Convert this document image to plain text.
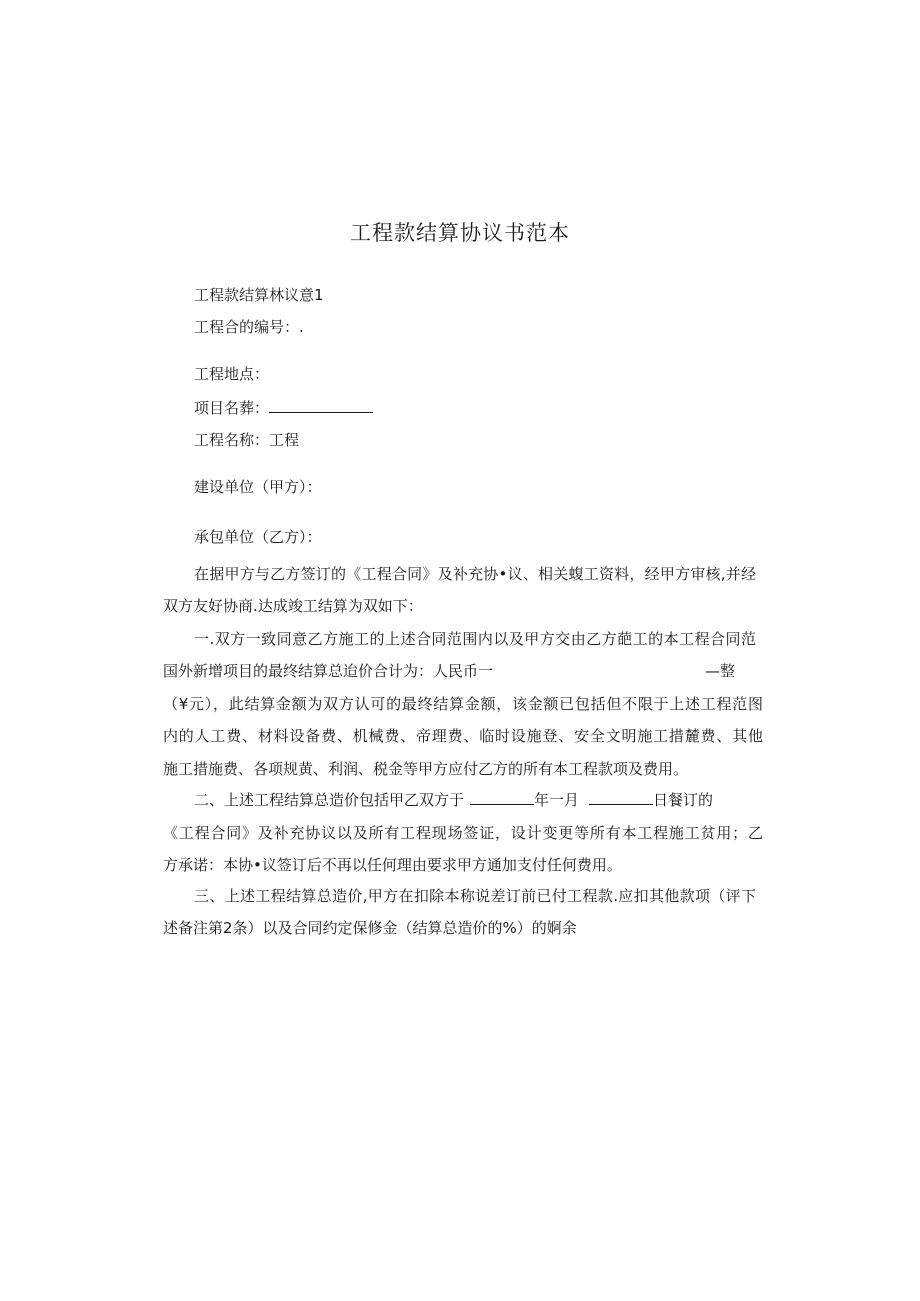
工程款结算协议书范本
工程款结算林议意1
工程合的编号：.
工程地点：
项目名葬：
工程名称：工程
建设单位（甲方）：
承包单位（乙方）：
在据甲方与乙方签订的《工程合同》及补充协•议、相关蝮工资料，经甲方审核,并经
双方友好协商.达成竣工结算为双如下：
一.双方一致同意乙方施工的上述合同范围内以及甲方交由乙方葩工的本工程合同范
国外新增项目的最终结算总迨价合计为：人民币一	—整
（¥元），此结算金额为双方认可的最终结算金额，该金额已包括但不限于上述工程范图
内的人工费、材料设备费、机械费、帝理费、临时设施登、安全文明施工措麓费、其他
施工措施费、各项规黄、利润、税金等甲方应付乙方的所有本工程款项及费用。
二、上述工程结算总造价包括甲乙双方于	年一月	日餐订的
《工程合同》及补充协议以及所有工程现场签证，设计变更等所有本工程施工贫用；乙
方承诺：本协•议签订后不再以任何理由要求甲方通加支付任何费用。
三、上述工程结算总造价,甲方在扣除本称说差订前已付工程款.应扣其他款项（评下
述备注第2条）以及合同约定保修金（结算总造价的%）的婀余
